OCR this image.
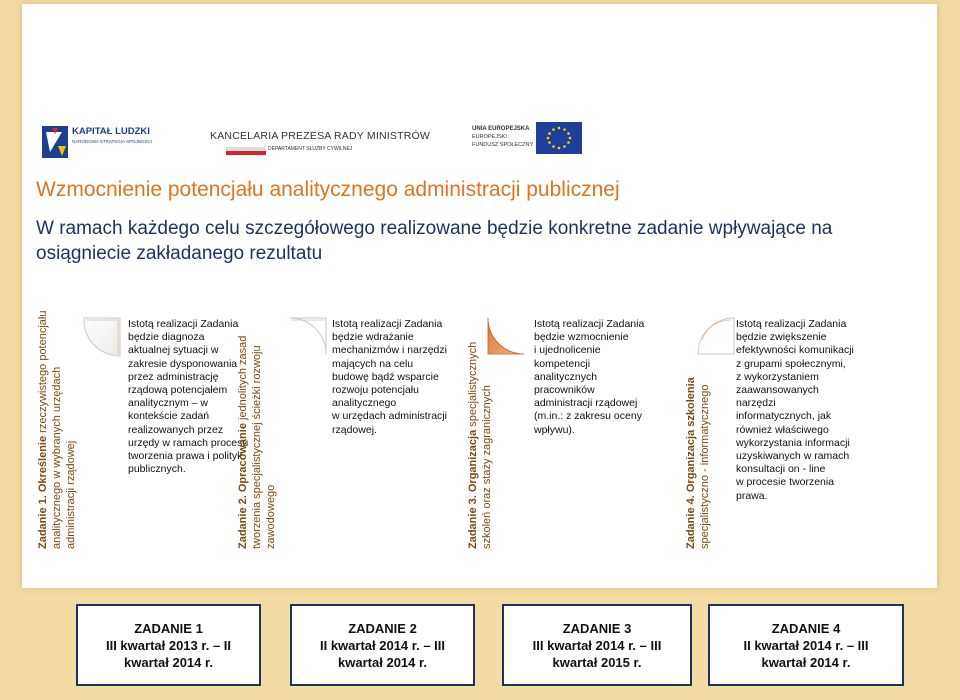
KAPITAŁ LUDZKI
NARODOWA STRATEGIA SPÓJNOŚCI	KANCELARIA PREZESA RADY MINISTRÓW
DEPARTAMENT SŁUŻBY CYWILNEJ
UNIA EUROPEJSKA
EUROPEJSKI
FUNDUSZ SPOŁECZNY
Wzmocnienie potencjału analitycznego administracji publicznej
W ramach każdego celu szczegółowego realizowane będzie konkretne zadanie wpływające na osiągniecie zakładanego rezultatu
Zadanie 1. Określenie rzeczywistego potencjału analitycznego w wybranych urzędach administracji rządowej
Istotą realizacji Zadania
będzie diagnoza
aktualnej sytuacji w
zakresie dysponowania
przez administrację
rządową potencjałem
analitycznym – w
kontekście zadań
realizowanych przez
urzędy w ramach procesu
tworzenia prawa i polityk
publicznych.	Zadanie 2. Opracowanie jednolitych zasad tworzenia specjalistycznej ścieżki rozwoju zawodowego
Istotą realizacji Zadania
będzie wdrażanie
mechanizmów i narzędzi
mających na celu
budowę bądź wsparcie
rozwoju potencjału
analitycznego
w urzędach administracji
rządowej.
Zadanie 3. Organizacja specjalistycznych szkoleń oraz staży zagranicznych
Istotą realizacji Zadania
będzie wzmocnienie
i ujednolicenie
kompetencji
analitycznych
pracowników
administracji rządowej
(m.in.: z zakresu oceny
wpływu).	Zadanie 4. Organizacja szkolenia specjalistyczno - informatycznego
Istotą realizacji Zadania
będzie zwiększenie
efektywności komunikacji
z grupami społecznymi,
z wykorzystaniem
zaawansowanych
narzędzi
informatycznych, jak
również właściwego
wykorzystania informacji
uzyskiwanych w ramach
konsultacji on - line
w procesie tworzenia
prawa.
ZADANIE 1
III kwartał 2013 r. – II
kwartał 2014 r.
ZADANIE 2
II kwartał 2014 r. – III
kwartał 2014 r.
ZADANIE 3
III kwartał 2014 r. – III
kwartał 2015 r.
ZADANIE 4
II kwartał 2014 r. – III
kwartał 2014 r.
